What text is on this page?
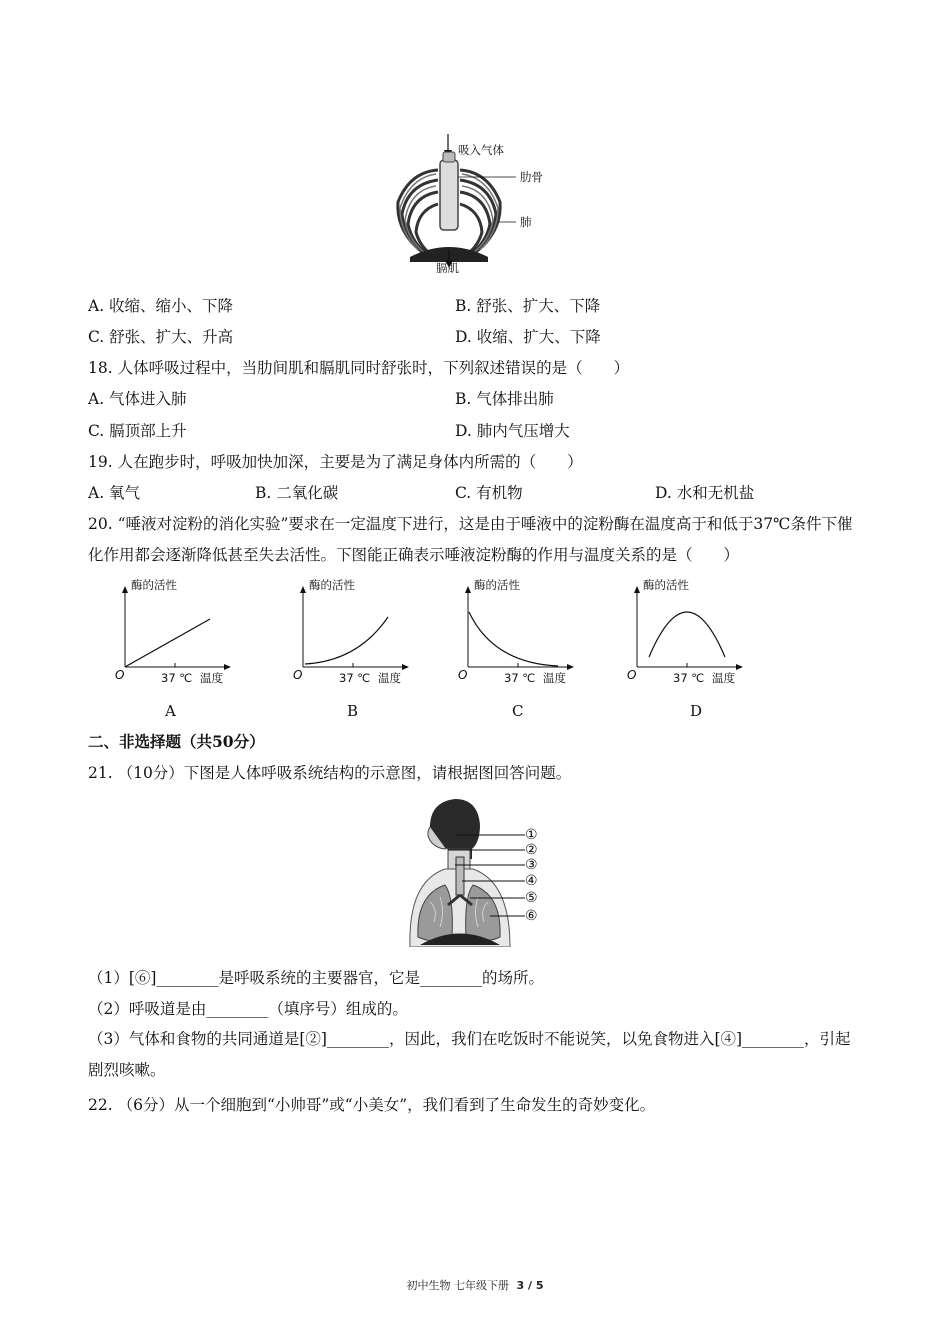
吸入气体
肋骨
肺
膈肌
A. 收缩、缩小、下降	B. 舒张、扩大、下降
C. 舒张、扩大、升高	D. 收缩、扩大、下降
18. 人体呼吸过程中，当肋间肌和膈肌同时舒张时，下列叙述错误的是（　　）
A. 气体进入肺	B. 气体排出肺
C. 膈顶部上升	D. 肺内气压增大
19. 人在跑步时，呼吸加快加深，主要是为了满足身体内所需的（　　）
A. 氧气	B. 二氧化碳	C. 有机物	D. 水和无机盐
20. “唾液对淀粉的消化实验”要求在一定温度下进行，这是由于唾液中的淀粉酶在温度高于和低于37℃条件下催化作用都会逐渐降低甚至失去活性。下图能正确表示唾液淀粉酶的作用与温度关系的是（　　）
酶的活性
O	37 ℃ 温度
酶的活性
O	37 ℃ 温度
酶的活性
O	37 ℃ 温度
酶的活性
O	37 ℃ 温度
A	B	C	D
二、非选择题（共50分）
21. （10分）下图是人体呼吸系统结构的示意图，请根据图回答问题。
①
②
③
④
⑤
⑥
（1）[⑥]________是呼吸系统的主要器官，它是________的场所。
（2）呼吸道是由________（填序号）组成的。
（3）气体和食物的共同通道是[②]________，因此，我们在吃饭时不能说笑，以免食物进入[④]________，引起剧烈咳嗽。
22. （6分）从一个细胞到“小帅哥”或“小美女”，我们看到了生命发生的奇妙变化。
初中生物 七年级下册 3 / 5
